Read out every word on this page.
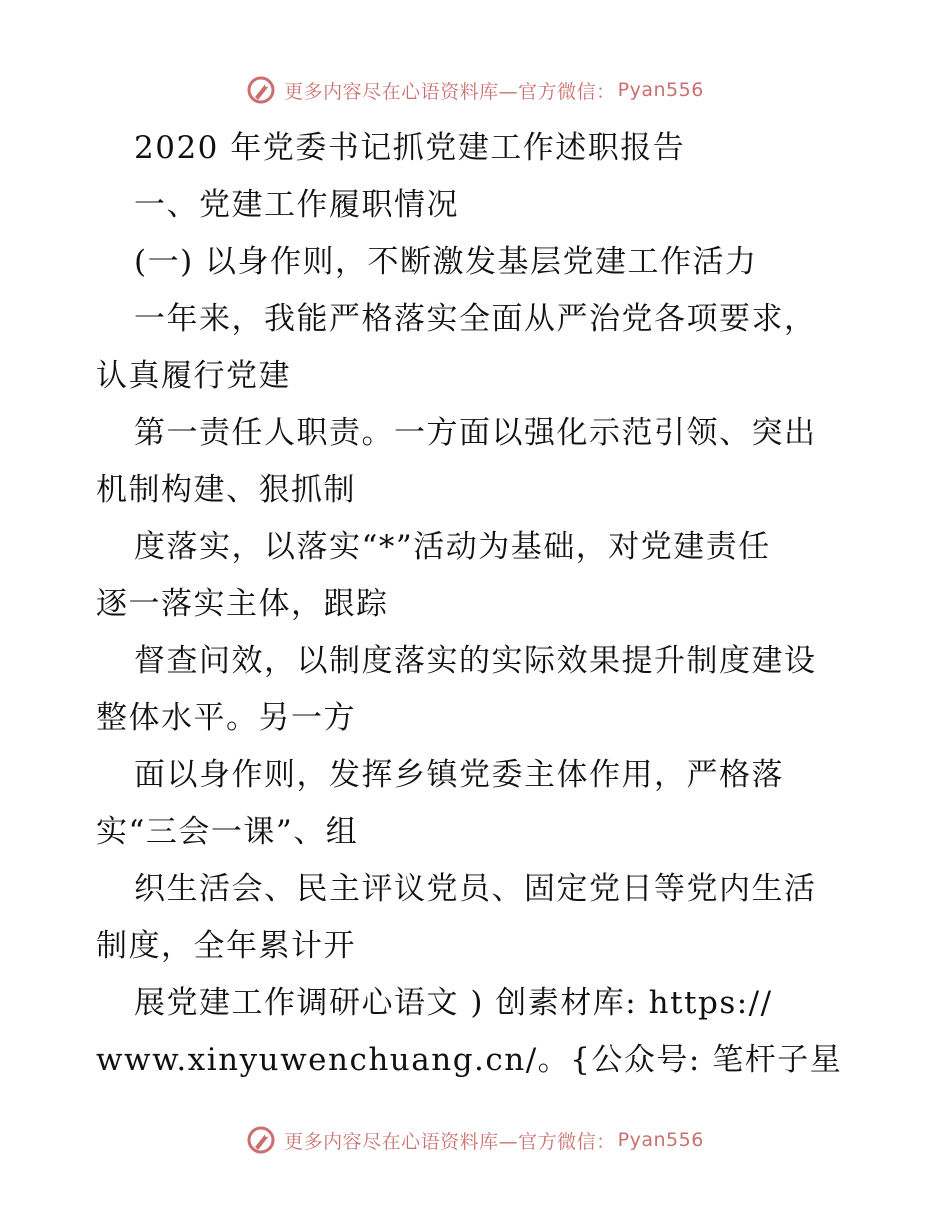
更多内容尽在心语资料库—官方微信： Pyan556
2020 年党委书记抓党建工作述职报告
一、党建工作履职情况
(一) 以身作则，不断激发基层党建工作活力
一年来，我能严格落实全面从严治党各项要求，
认真履行党建
第一责任人职责。一方面以强化示范引领、突出
机制构建、狠抓制
度落实，以落实“*”活动为基础，对党建责任
逐一落实主体，跟踪
督查问效，以制度落实的实际效果提升制度建设
整体水平。另一方
面以身作则，发挥乡镇党委主体作用，严格落
实“三会一课”、组
织生活会、民主评议党员、固定党日等党内生活
制度，全年累计开
展党建工作调研心语文 ) 创素材库: https://
www.xinyuwenchuang.cn/。{公众号: 笔杆子星
更多内容尽在心语资料库—官方微信： Pyan556
